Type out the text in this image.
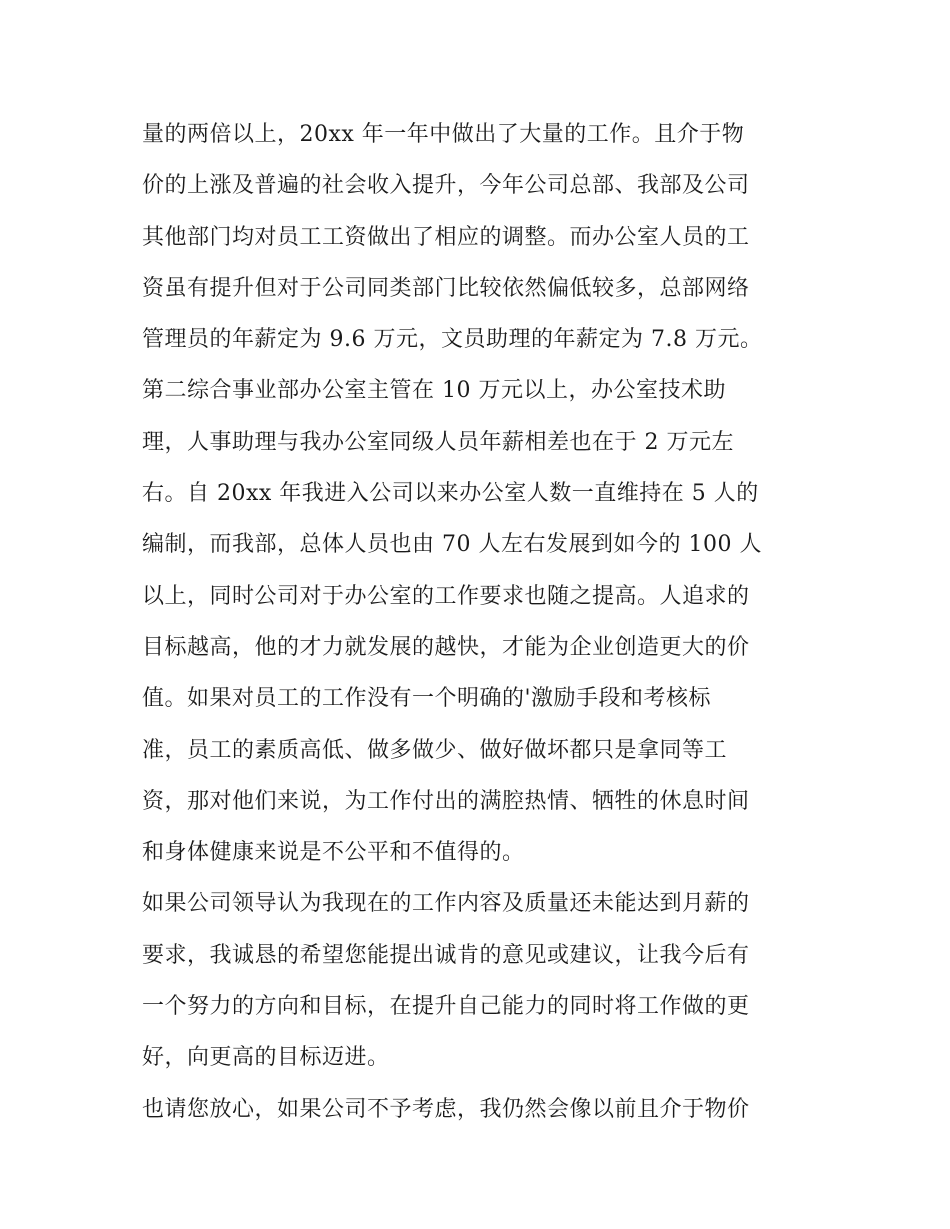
量的两倍以上，20xx 年一年中做出了大量的工作。且介于物
价的上涨及普遍的社会收入提升，今年公司总部、我部及公司
其他部门均对员工工资做出了相应的调整。而办公室人员的工
资虽有提升但对于公司同类部门比较依然偏低较多，总部网络
管理员的年薪定为 9.6 万元，文员助理的年薪定为 7.8 万元。
第二综合事业部办公室主管在 10 万元以上，办公室技术助
理，人事助理与我办公室同级人员年薪相差也在于 2 万元左
右。自 20xx 年我进入公司以来办公室人数一直维持在 5 人的
编制，而我部，总体人员也由 70 人左右发展到如今的 100 人
以上，同时公司对于办公室的工作要求也随之提高。人追求的
目标越高，他的才力就发展的越快，才能为企业创造更大的价
值。如果对员工的工作没有一个明确的'激励手段和考核标
准，员工的素质高低、做多做少、做好做坏都只是拿同等工
资，那对他们来说，为工作付出的满腔热情、牺牲的休息时间
和身体健康来说是不公平和不值得的。
如果公司领导认为我现在的工作内容及质量还未能达到月薪的
要求，我诚恳的希望您能提出诚肯的意见或建议，让我今后有
一个努力的方向和目标，在提升自己能力的同时将工作做的更
好，向更高的目标迈进。
也请您放心，如果公司不予考虑，我仍然会像以前且介于物价
